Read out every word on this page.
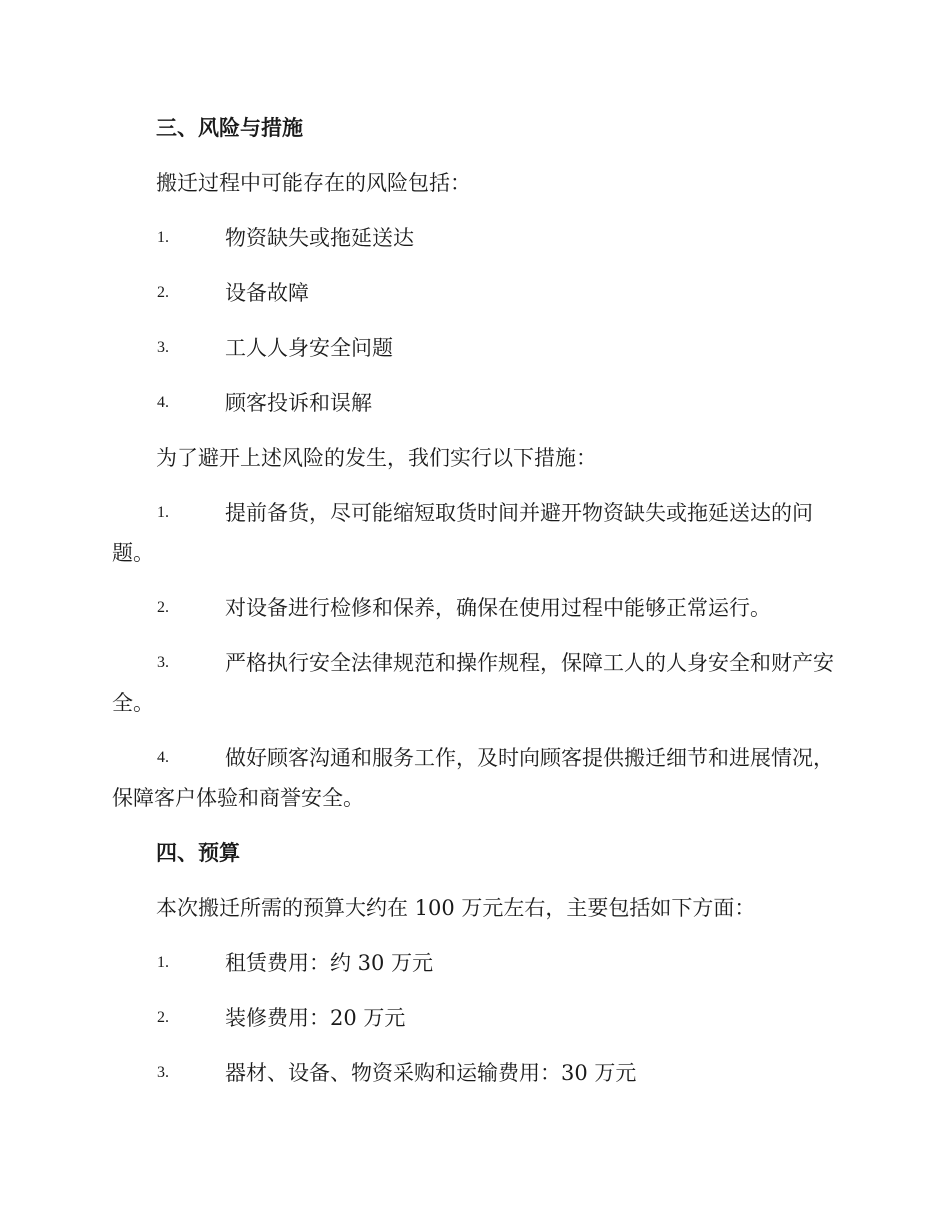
三、风险与措施

搬迁过程中可能存在的风险包括：

1.	物资缺失或拖延送达
2.	设备故障
3.	工人人身安全问题
4.	顾客投诉和误解

为了避开上述风险的发生，我们实行以下措施：

1.	提前备货，尽可能缩短取货时间并避开物资缺失或拖延送达的问题。
2.	对设备进行检修和保养，确保在使用过程中能够正常运行。
3.	严格执行安全法律规范和操作规程，保障工人的人身安全和财产安全。
4.	做好顾客沟通和服务工作，及时向顾客提供搬迁细节和进展情况，保障客户体验和商誉安全。
四、预算

本次搬迁所需的预算大约在 100 万元左右，主要包括如下方面：

1.	租赁费用：约 30 万元
2.	装修费用：20 万元
3.	器材、设备、物资采购和运输费用：30 万元
